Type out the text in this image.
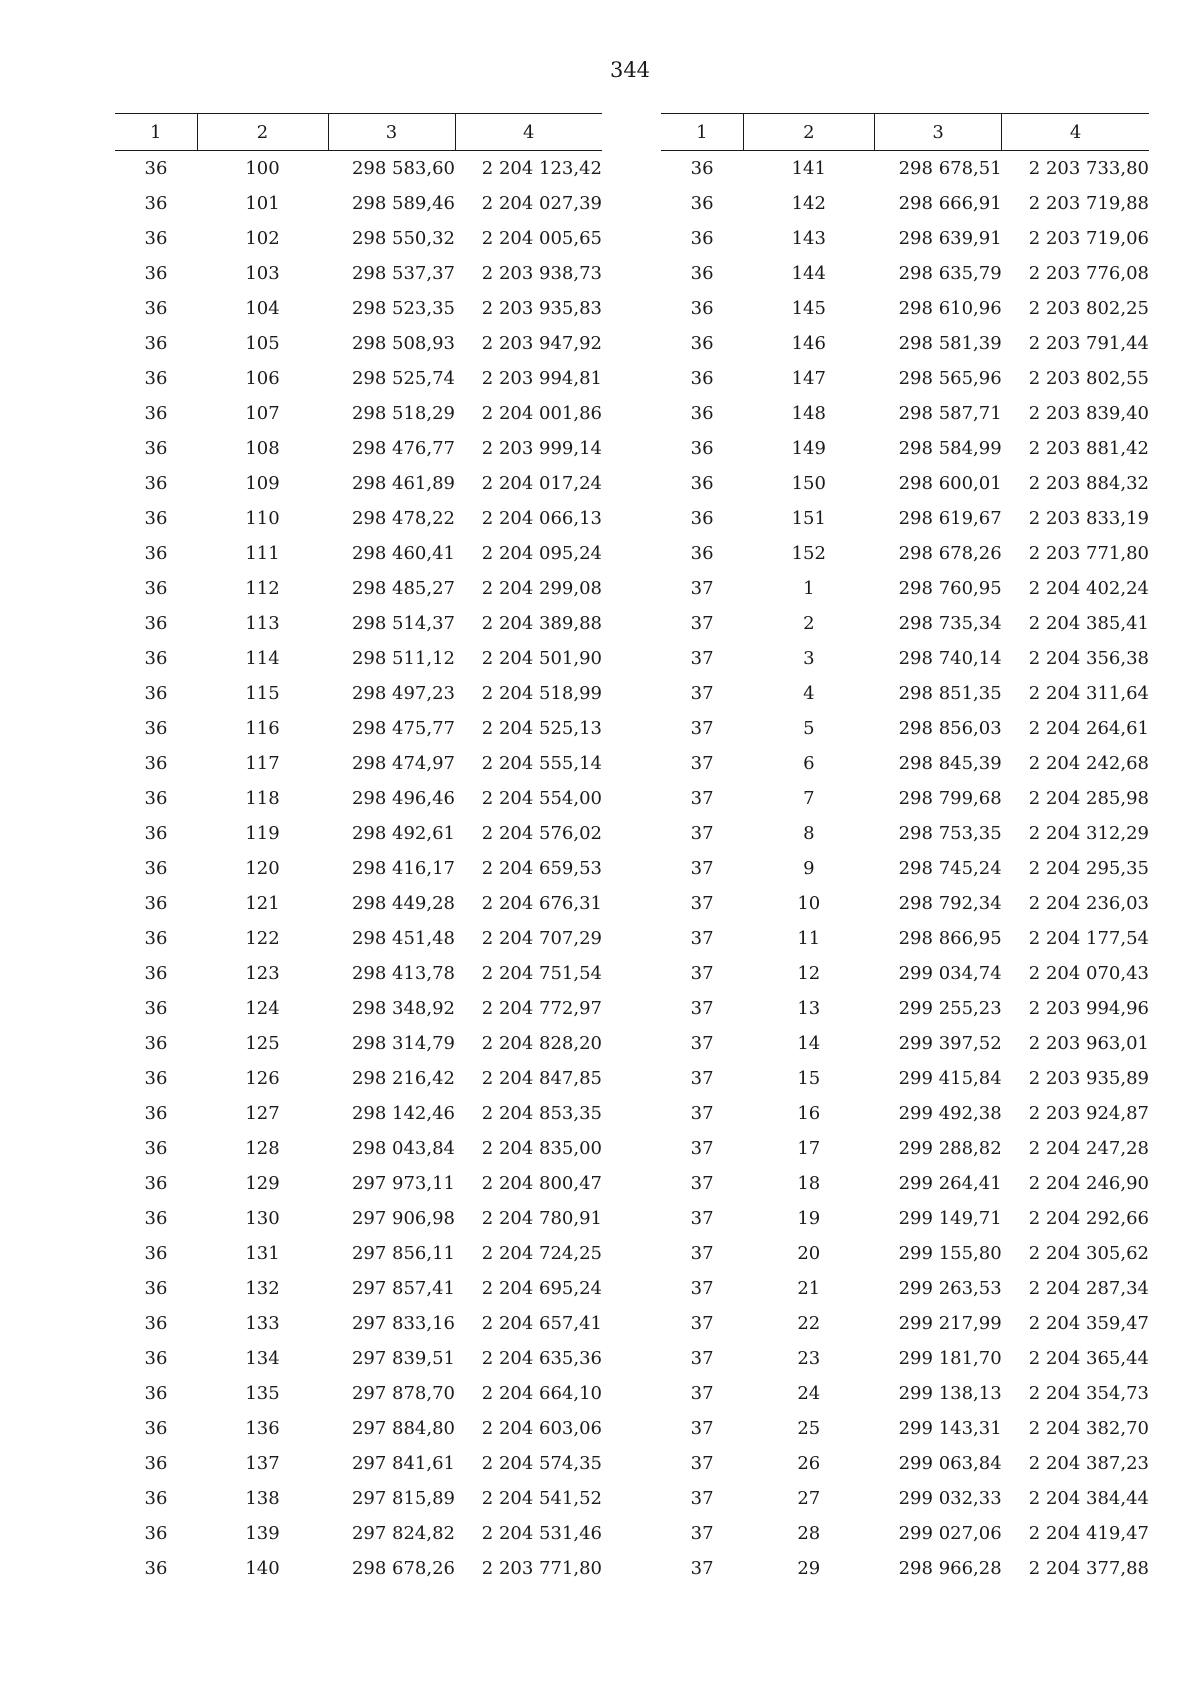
344
1	2	3	4
36	100	298 583,60	2 204 123,42
36	101	298 589,46	2 204 027,39
36	102	298 550,32	2 204 005,65
36	103	298 537,37	2 203 938,73
36	104	298 523,35	2 203 935,83
36	105	298 508,93	2 203 947,92
36	106	298 525,74	2 203 994,81
36	107	298 518,29	2 204 001,86
36	108	298 476,77	2 203 999,14
36	109	298 461,89	2 204 017,24
36	110	298 478,22	2 204 066,13
36	111	298 460,41	2 204 095,24
36	112	298 485,27	2 204 299,08
36	113	298 514,37	2 204 389,88
36	114	298 511,12	2 204 501,90
36	115	298 497,23	2 204 518,99
36	116	298 475,77	2 204 525,13
36	117	298 474,97	2 204 555,14
36	118	298 496,46	2 204 554,00
36	119	298 492,61	2 204 576,02
36	120	298 416,17	2 204 659,53
36	121	298 449,28	2 204 676,31
36	122	298 451,48	2 204 707,29
36	123	298 413,78	2 204 751,54
36	124	298 348,92	2 204 772,97
36	125	298 314,79	2 204 828,20
36	126	298 216,42	2 204 847,85
36	127	298 142,46	2 204 853,35
36	128	298 043,84	2 204 835,00
36	129	297 973,11	2 204 800,47
36	130	297 906,98	2 204 780,91
36	131	297 856,11	2 204 724,25
36	132	297 857,41	2 204 695,24
36	133	297 833,16	2 204 657,41
36	134	297 839,51	2 204 635,36
36	135	297 878,70	2 204 664,10
36	136	297 884,80	2 204 603,06
36	137	297 841,61	2 204 574,35
36	138	297 815,89	2 204 541,52
36	139	297 824,82	2 204 531,46
36	140	298 678,26	2 203 771,80
1	2	3	4
36	141	298 678,51	2 203 733,80
36	142	298 666,91	2 203 719,88
36	143	298 639,91	2 203 719,06
36	144	298 635,79	2 203 776,08
36	145	298 610,96	2 203 802,25
36	146	298 581,39	2 203 791,44
36	147	298 565,96	2 203 802,55
36	148	298 587,71	2 203 839,40
36	149	298 584,99	2 203 881,42
36	150	298 600,01	2 203 884,32
36	151	298 619,67	2 203 833,19
36	152	298 678,26	2 203 771,80
37	1	298 760,95	2 204 402,24
37	2	298 735,34	2 204 385,41
37	3	298 740,14	2 204 356,38
37	4	298 851,35	2 204 311,64
37	5	298 856,03	2 204 264,61
37	6	298 845,39	2 204 242,68
37	7	298 799,68	2 204 285,98
37	8	298 753,35	2 204 312,29
37	9	298 745,24	2 204 295,35
37	10	298 792,34	2 204 236,03
37	11	298 866,95	2 204 177,54
37	12	299 034,74	2 204 070,43
37	13	299 255,23	2 203 994,96
37	14	299 397,52	2 203 963,01
37	15	299 415,84	2 203 935,89
37	16	299 492,38	2 203 924,87
37	17	299 288,82	2 204 247,28
37	18	299 264,41	2 204 246,90
37	19	299 149,71	2 204 292,66
37	20	299 155,80	2 204 305,62
37	21	299 263,53	2 204 287,34
37	22	299 217,99	2 204 359,47
37	23	299 181,70	2 204 365,44
37	24	299 138,13	2 204 354,73
37	25	299 143,31	2 204 382,70
37	26	299 063,84	2 204 387,23
37	27	299 032,33	2 204 384,44
37	28	299 027,06	2 204 419,47
37	29	298 966,28	2 204 377,88
